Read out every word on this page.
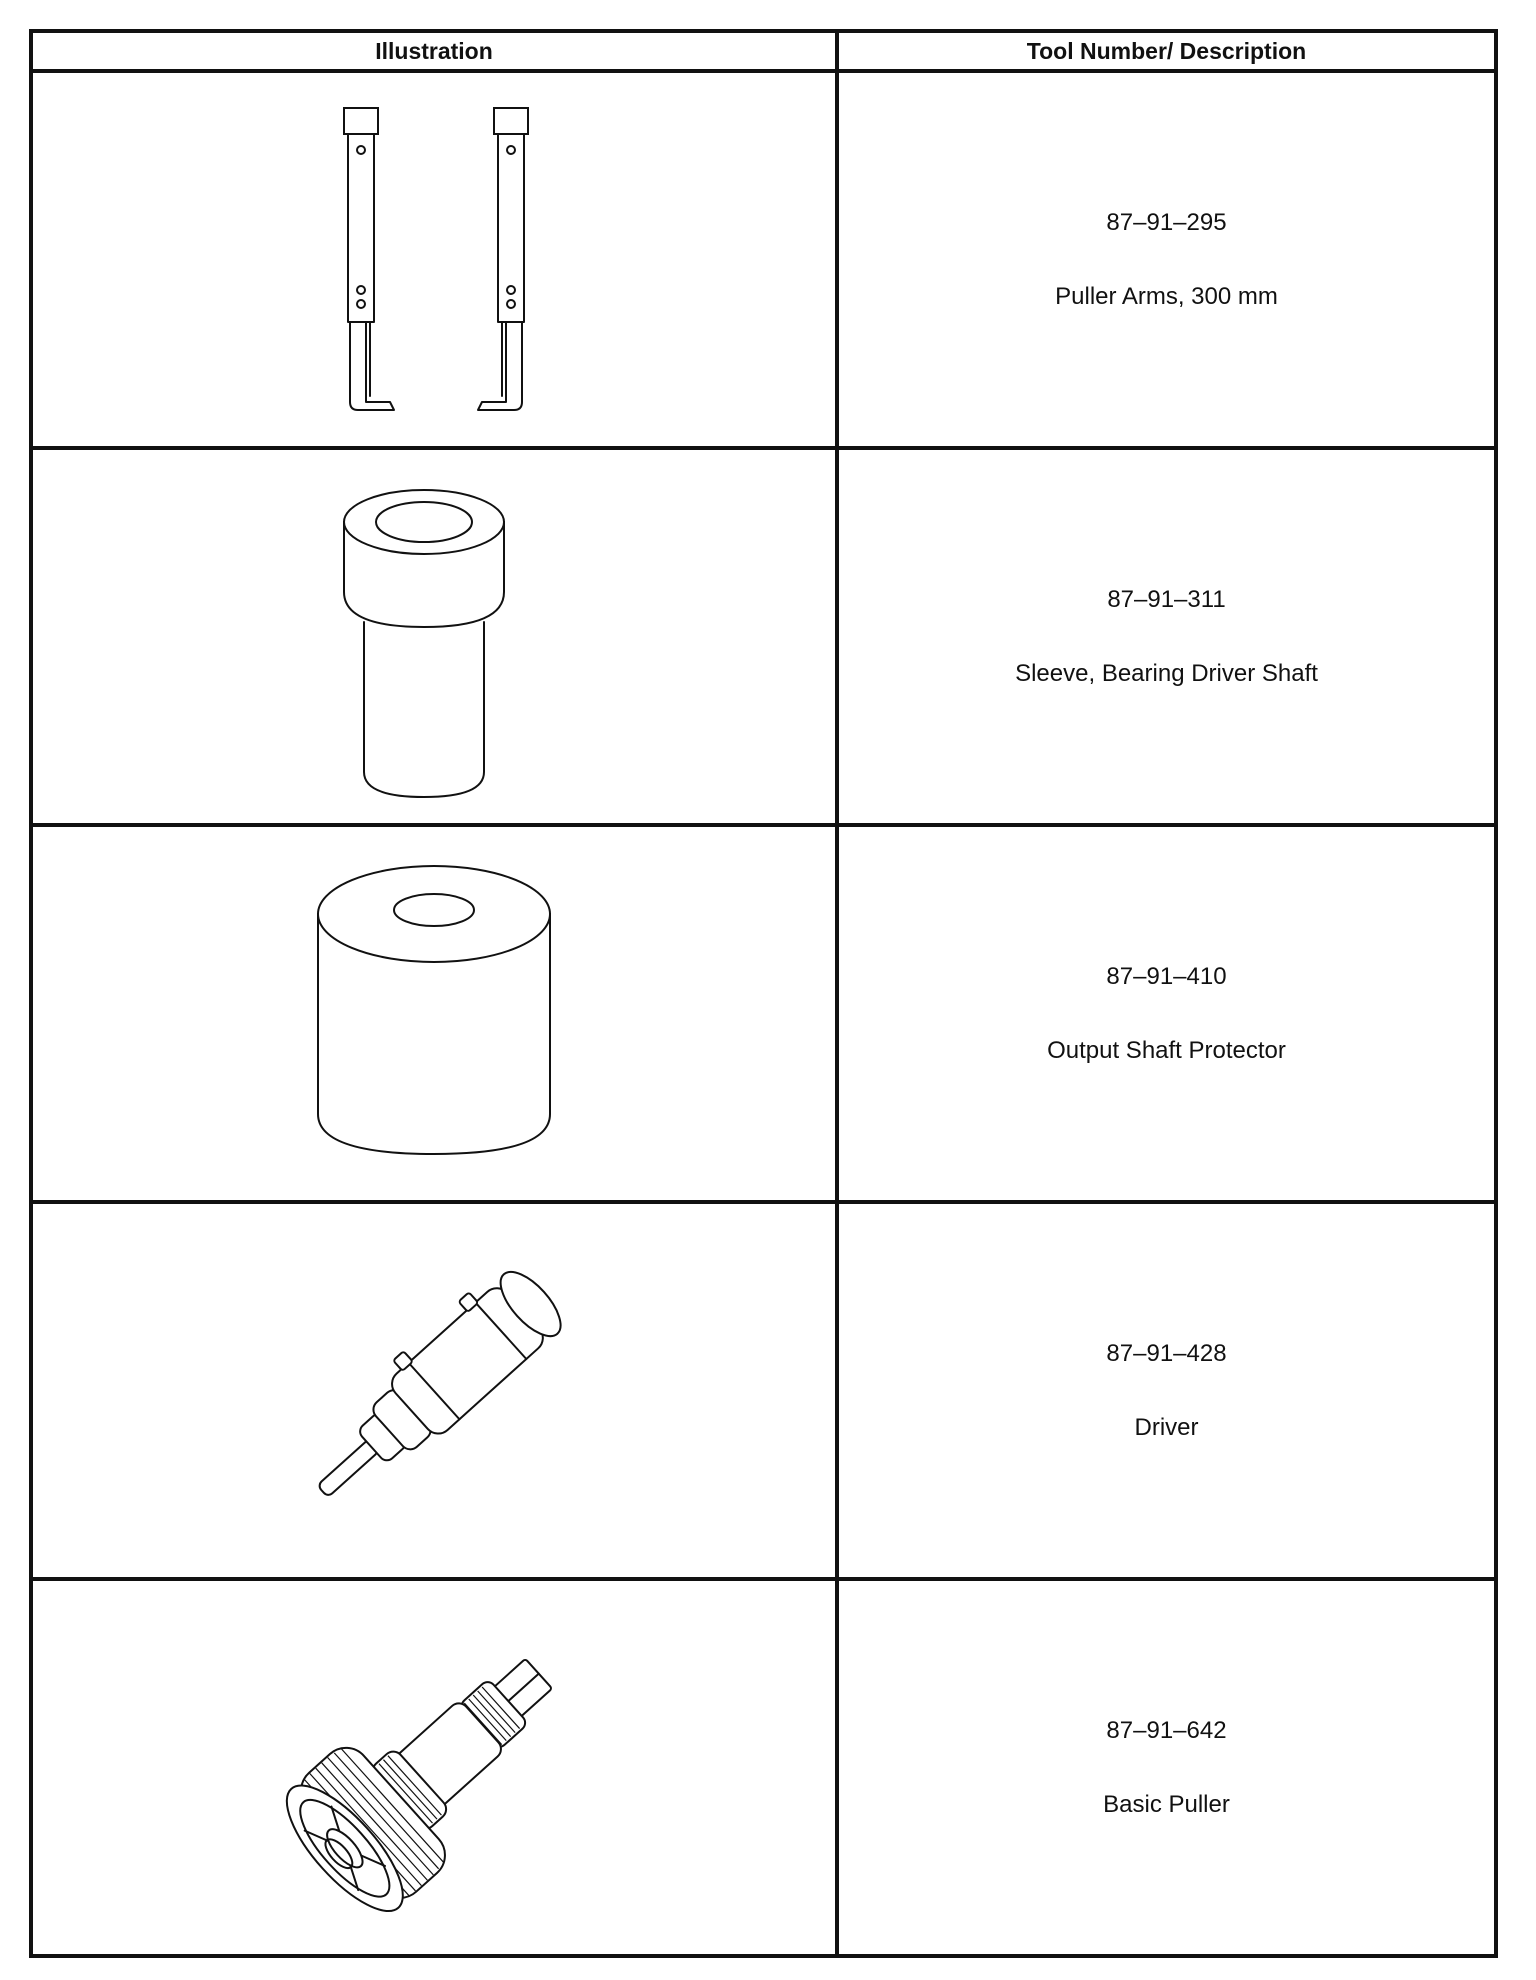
Illustration	Tool Number/ Description

87–91–295
Puller Arms, 300 mm

87–91–311
Sleeve, Bearing Driver Shaft

87–91–410
Output Shaft Protector

87–91–428
Driver

87–91–642
Basic Puller
